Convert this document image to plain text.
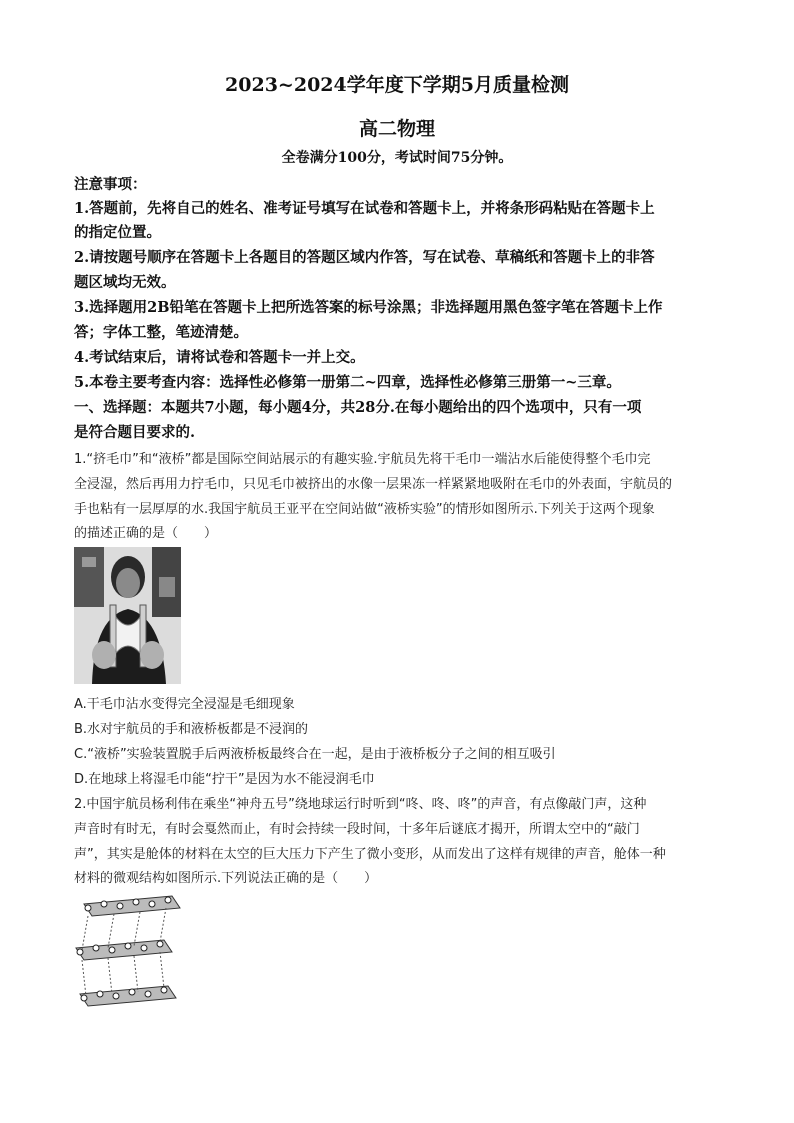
2023~2024学年度下学期5月质量检测
高二物理
全卷满分100分，考试时间75分钟。
注意事项：
1.答题前，先将自己的姓名、准考证号填写在试卷和答题卡上，并将条形码粘贴在答题卡上
的指定位置。
2.请按题号顺序在答题卡上各题目的答题区域内作答，写在试卷、草稿纸和答题卡上的非答
题区域均无效。
3.选择题用2B铅笔在答题卡上把所选答案的标号涂黑；非选择题用黑色签字笔在答题卡上作
答；字体工整，笔迹清楚。
4.考试结束后，请将试卷和答题卡一并上交。
5.本卷主要考查内容：选择性必修第一册第二~四章，选择性必修第三册第一~三章。
一、选择题：本题共7小题，每小题4分，共28分.在每小题给出的四个选项中，只有一项
是符合题目要求的.
1.“挤毛巾”和“液桥”都是国际空间站展示的有趣实验.宇航员先将干毛巾一端沾水后能使得整个毛巾完
全浸湿，然后再用力拧毛巾，只见毛巾被挤出的水像一层果冻一样紧紧地吸附在毛巾的外表面，宇航员的
手也粘有一层厚厚的水.我国宇航员王亚平在空间站做“液桥实验”的情形如图所示.下列关于这两个现象
的描述正确的是（　　）
A.干毛巾沾水变得完全浸湿是毛细现象
B.水对宇航员的手和液桥板都是不浸润的
C.“液桥”实验装置脱手后两液桥板最终合在一起，是由于液桥板分子之间的相互吸引
D.在地球上将湿毛巾能“拧干”是因为水不能浸润毛巾
2.中国宇航员杨利伟在乘坐“神舟五号”绕地球运行时听到“咚、咚、咚”的声音，有点像敲门声，这种
声音时有时无，有时会戛然而止，有时会持续一段时间，十多年后谜底才揭开，所谓太空中的“敲门
声”，其实是舱体的材料在太空的巨大压力下产生了微小变形，从而发出了这样有规律的声音，舱体一种
材料的微观结构如图所示.下列说法正确的是（　　）
